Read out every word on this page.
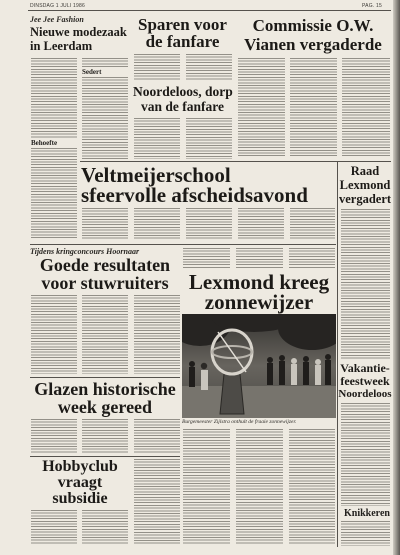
DINSDAG 1 JULI 1986	PAG. 15
Jee Jee Fashion
Nieuwe modezaak
in Leerdam
Behoefte
Sedert
Sparen voor
de fanfare
Noordeloos, dorp
van de fanfare
Commissie O.W.
Vianen vergaderde
Veltmeijerschool
sfeervolle afscheidsavond
Raad
Lexmond
vergadert
Vakantie-
feestweek
Noordeloos
Knikkeren
Tijdens kringconcours Hoornaar
Goede resultaten
voor stuwruiters Lexmond kreeg
zonnewijzer
Burgemeester Zijlstra onthult de fraaie zonnewijzer.
Glazen historische
week gereed
Hobbyclub
vraagt
subsidie
